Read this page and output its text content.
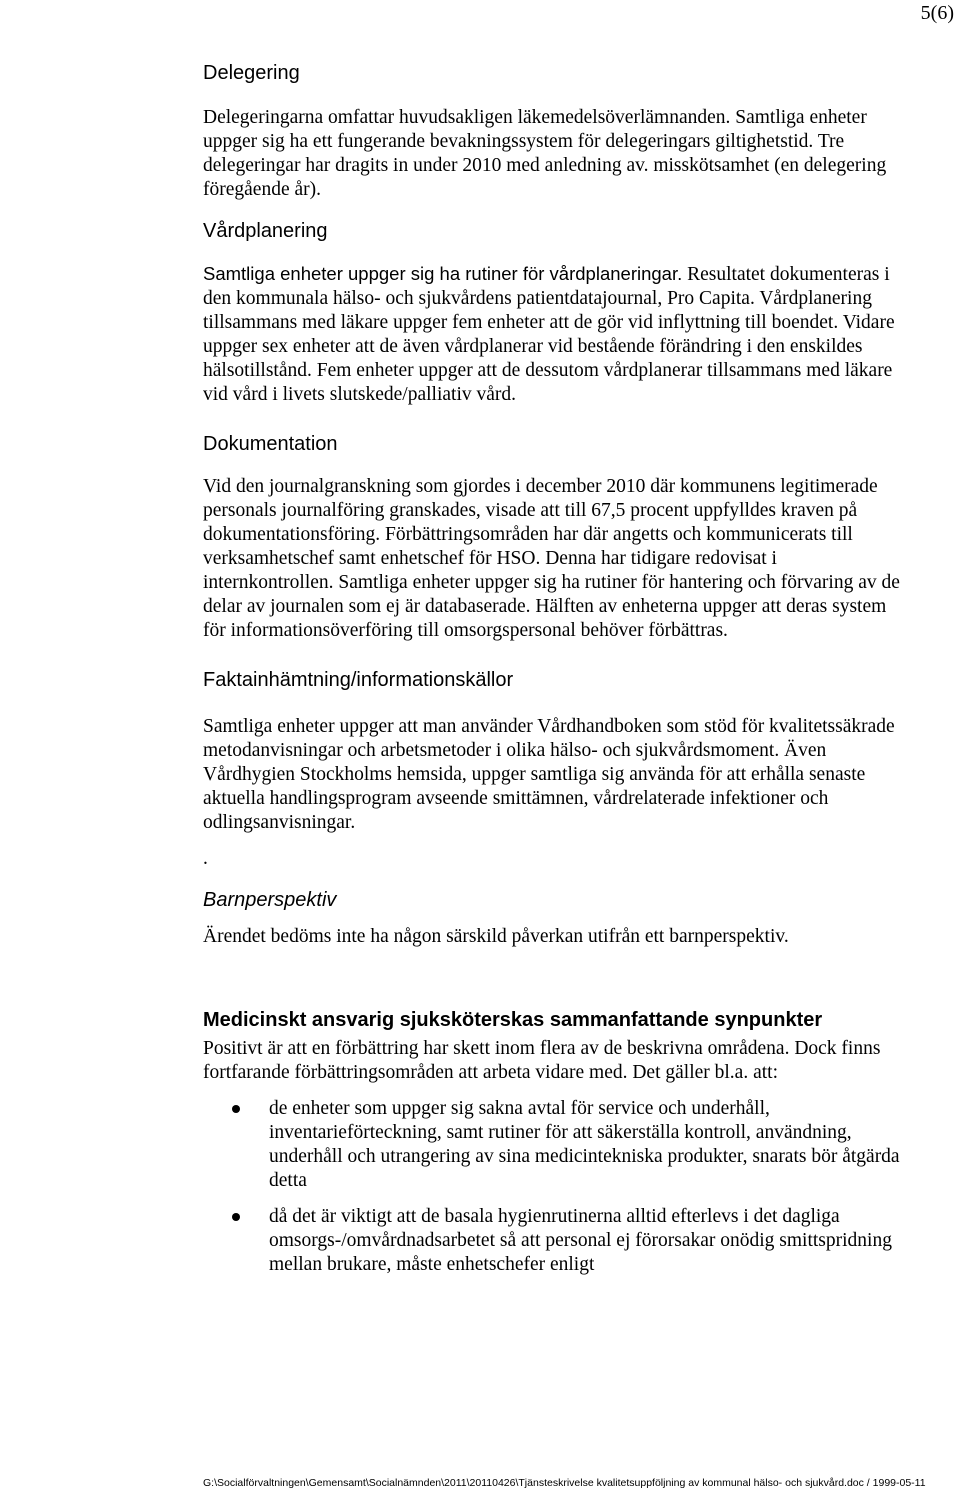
5(6)
Delegering

Delegeringarna omfattar huvudsakligen läkemedelsöverlämnanden. Samtliga enheter uppger sig ha ett fungerande bevakningssystem för delegeringars giltighetstid. Tre delegeringar har dragits in under 2010 med anledning av. misskötsamhet (en delegering föregående år).

Vårdplanering

Samtliga enheter uppger sig ha rutiner för vårdplaneringar. Resultatet dokumenteras i den kommunala hälso- och sjukvårdens patientdatajournal, Pro Capita. Vårdplanering tillsammans med läkare uppger fem enheter att de gör vid inflyttning till boendet. Vidare uppger sex enheter att de även vårdplanerar vid bestående förändring i den enskildes hälsotillstånd. Fem enheter uppger att de dessutom vårdplanerar tillsammans med läkare vid vård i livets slutskede/palliativ vård.

Dokumentation

Vid den journalgranskning som gjordes i december 2010 där kommunens legitimerade personals journalföring granskades, visade att till 67,5 procent uppfylldes kraven på dokumentationsföring. Förbättringsområden har där angetts och kommunicerats till verksamhetschef samt enhetschef för HSO. Denna har tidigare redovisat i internkontrollen. Samtliga enheter uppger sig ha rutiner för hantering och förvaring av de delar av journalen som ej är databaserade. Hälften av enheterna uppger att deras system för informationsöverföring till omsorgspersonal behöver förbättras.

Faktainhämtning/informationskällor

Samtliga enheter uppger att man använder Vårdhandboken som stöd för kvalitetssäkrade metodanvisningar och arbetsmetoder i olika hälso- och sjukvårdsmoment. Även Vårdhygien Stockholms hemsida, uppger samtliga sig använda för att erhålla senaste aktuella handlingsprogram avseende smittämnen, vårdrelaterade infektioner och odlingsanvisningar.

.

Barnperspektiv

Ärendet bedöms inte ha någon särskild påverkan utifrån ett barnperspektiv.

Medicinskt ansvarig sjuksköterskas sammanfattande synpunkter

Positivt är att en förbättring har skett inom flera av de beskrivna områdena. Dock finns fortfarande förbättringsområden att arbeta vidare med. Det gäller bl.a. att:

de enheter som uppger sig sakna avtal för service och underhåll, inventarieförteckning, samt rutiner för att säkerställa kontroll, användning, underhåll och utrangering av sina medicintekniska produkter, snarats bör åtgärda detta
då det är viktigt att de basala hygienrutinerna alltid efterlevs i det dagliga omsorgs-/omvårdnadsarbetet så att personal ej förorsakar onödig smittspridning mellan brukare, måste enhetschefer enligt
G:\Socialförvaltningen\Gemensamt\Socialnämnden\2011\20110426\Tjänsteskrivelse kvalitetsuppföljning av kommunal hälso- och sjukvård.doc / 1999-05-11
